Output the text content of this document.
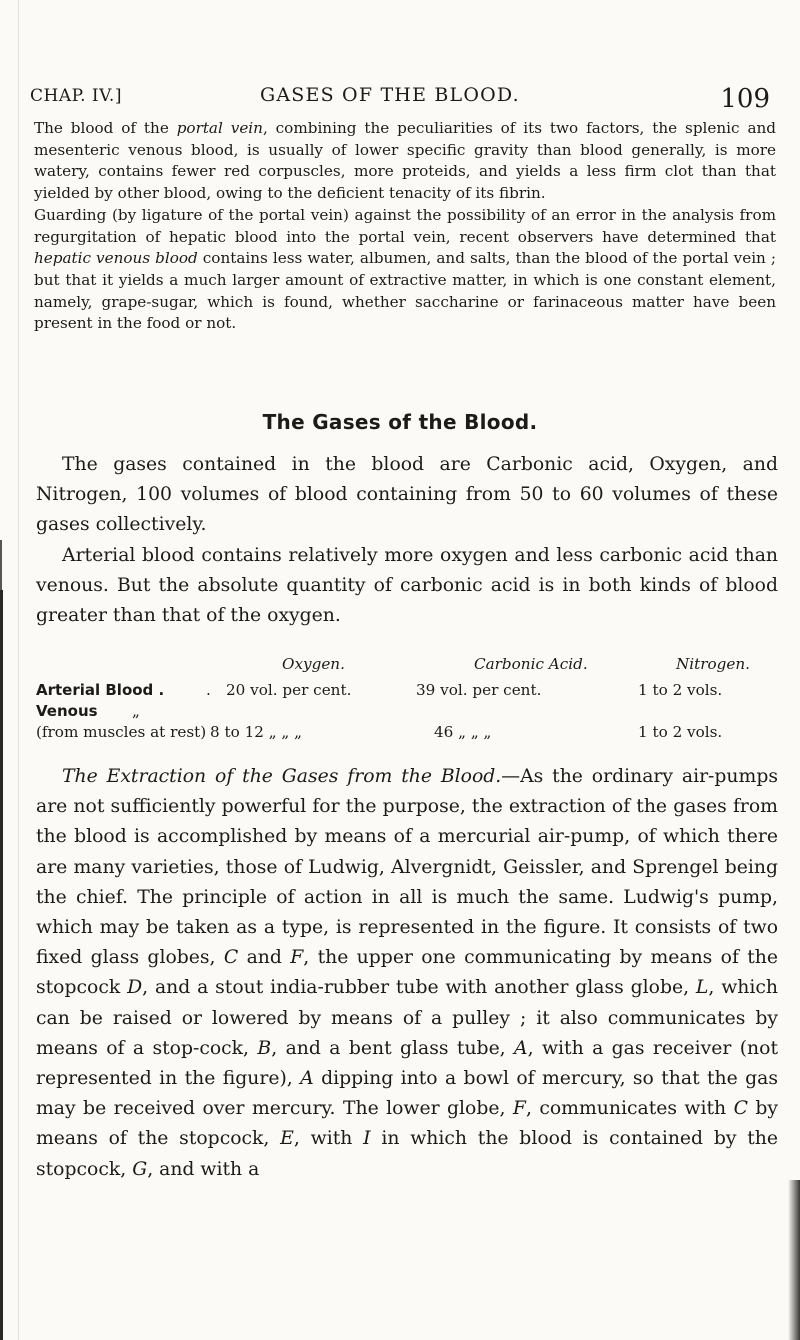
CHAP. IV.]	GASES OF THE BLOOD.	109

The blood of the portal vein, combining the peculiarities of its two factors, the splenic and mesenteric venous blood, is usually of lower specific gravity than blood generally, is more watery, contains fewer red corpuscles, more proteids, and yields a less firm clot than that yielded by other blood, owing to the deficient tenacity of its fibrin.

Guarding (by ligature of the portal vein) against the possibility of an error in the analysis from regurgitation of hepatic blood into the portal vein, recent observers have determined that hepatic venous blood contains less water, albumen, and salts, than the blood of the portal vein ; but that it yields a much larger amount of extractive matter, in which is one constant element, namely, grape-sugar, which is found, whether saccharine or farinaceous matter have been present in the food or not.

The Gases of the Blood.

The gases contained in the blood are Carbonic acid, Oxygen, and Nitrogen, 100 volumes of blood containing from 50 to 60 volumes of these gases collectively.

Arterial blood contains relatively more oxygen and less carbonic acid than venous. But the absolute quantity of carbonic acid is in both kinds of blood greater than that of the oxygen.

Oxygen.	Carbonic Acid.	Nitrogen.
Arterial Blood .	. 20 vol. per cent.	39 vol. per cent.	1 to 2 vols.
Venous „
(from muscles at rest) 8 to 12 „ „ „	46 „ „ „	1 to 2 vols.

The Extraction of the Gases from the Blood.—As the ordinary air-pumps are not sufficiently powerful for the purpose, the extraction of the gases from the blood is accomplished by means of a mercurial air-pump, of which there are many varieties, those of Ludwig, Alvergnidt, Geissler, and Sprengel being the chief. The principle of action in all is much the same. Ludwig's pump, which may be taken as a type, is represented in the figure. It consists of two fixed glass globes, C and F, the upper one communicating by means of the stopcock D, and a stout india-rubber tube with another glass globe, L, which can be raised or lowered by means of a pulley ; it also communicates by means of a stop-cock, B, and a bent glass tube, A, with a gas receiver (not represented in the figure), A dipping into a bowl of mercury, so that the gas may be received over mercury. The lower globe, F, communicates with C by means of the stopcock, E, with I in which the blood is contained by the stopcock, G, and with a
